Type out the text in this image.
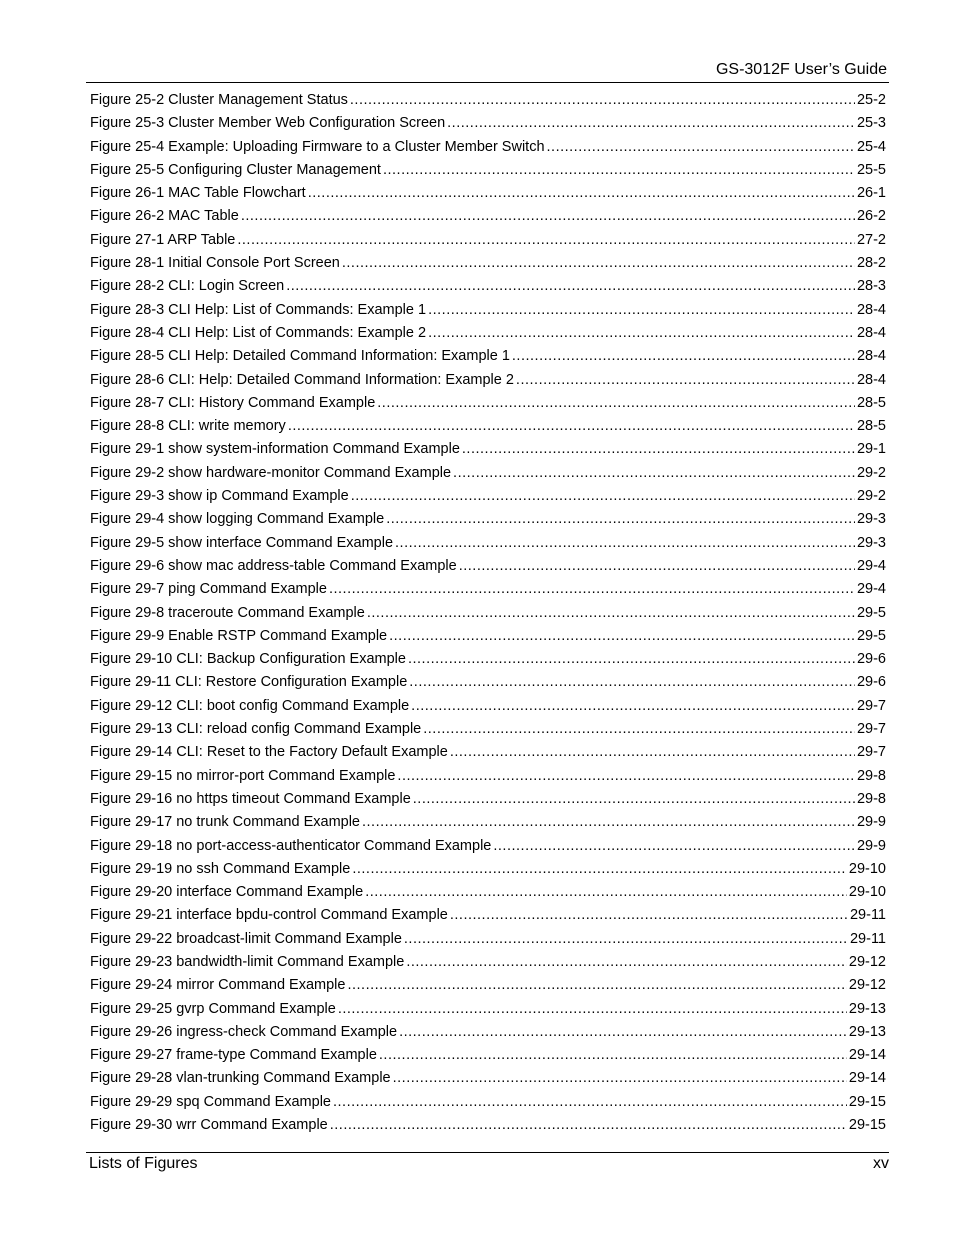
GS-3012F User’s Guide
Figure 25-2 Cluster Management Status .....	25-2
Figure 25-3 Cluster Member Web Configuration Screen .....	25-3
Figure 25-4 Example: Uploading Firmware to a Cluster Member Switch .....	25-4
Figure 25-5 Configuring Cluster Management .....	25-5
Figure 26-1 MAC Table Flowchart .....	26-1
Figure 26-2 MAC Table .....	26-2
Figure 27-1 ARP Table .....	27-2
Figure 28-1 Initial Console Port Screen .....	28-2
Figure 28-2 CLI: Login Screen .....	28-3
Figure 28-3 CLI Help: List of Commands: Example 1 .....	28-4
Figure 28-4 CLI Help: List of Commands: Example 2 .....	28-4
Figure 28-5 CLI Help: Detailed Command Information: Example 1 .....	28-4
Figure 28-6 CLI: Help: Detailed Command Information: Example 2 .....	28-4
Figure 28-7 CLI: History Command Example .....	28-5
Figure 28-8 CLI: write memory .....	28-5
Figure 29-1 show system-information Command Example .....	29-1
Figure 29-2 show hardware-monitor Command Example .....	29-2
Figure 29-3 show ip Command Example .....	29-2
Figure 29-4 show logging Command Example .....	29-3
Figure 29-5 show interface Command Example .....	29-3
Figure 29-6 show mac address-table Command Example .....	29-4
Figure 29-7 ping Command Example .....	29-4
Figure 29-8 traceroute Command Example .....	29-5
Figure 29-9 Enable RSTP Command Example .....	29-5
Figure 29-10 CLI: Backup Configuration Example .....	29-6
Figure 29-11 CLI: Restore Configuration Example .....	29-6
Figure 29-12 CLI: boot config Command Example .....	29-7
Figure 29-13 CLI: reload config Command Example .....	29-7
Figure 29-14 CLI: Reset to the Factory Default Example .....	29-7
Figure 29-15 no mirror-port Command Example .....	29-8
Figure 29-16 no https timeout Command Example .....	29-8
Figure 29-17 no trunk Command Example .....	29-9
Figure 29-18 no port-access-authenticator Command Example .....	29-9
Figure 29-19 no ssh Command Example .....	29-10
Figure 29-20 interface Command Example .....	29-10
Figure 29-21 interface bpdu-control Command Example .....	29-11
Figure 29-22 broadcast-limit Command Example .....	29-11
Figure 29-23 bandwidth-limit Command Example .....	29-12
Figure 29-24 mirror Command Example .....	29-12
Figure 29-25 gvrp Command Example .....	29-13
Figure 29-26 ingress-check Command Example .....	29-13
Figure 29-27 frame-type Command Example .....	29-14
Figure 29-28 vlan-trunking Command Example .....	29-14
Figure 29-29 spq Command Example .....	29-15
Figure 29-30 wrr Command Example .....	29-15
Lists of Figures	xv
